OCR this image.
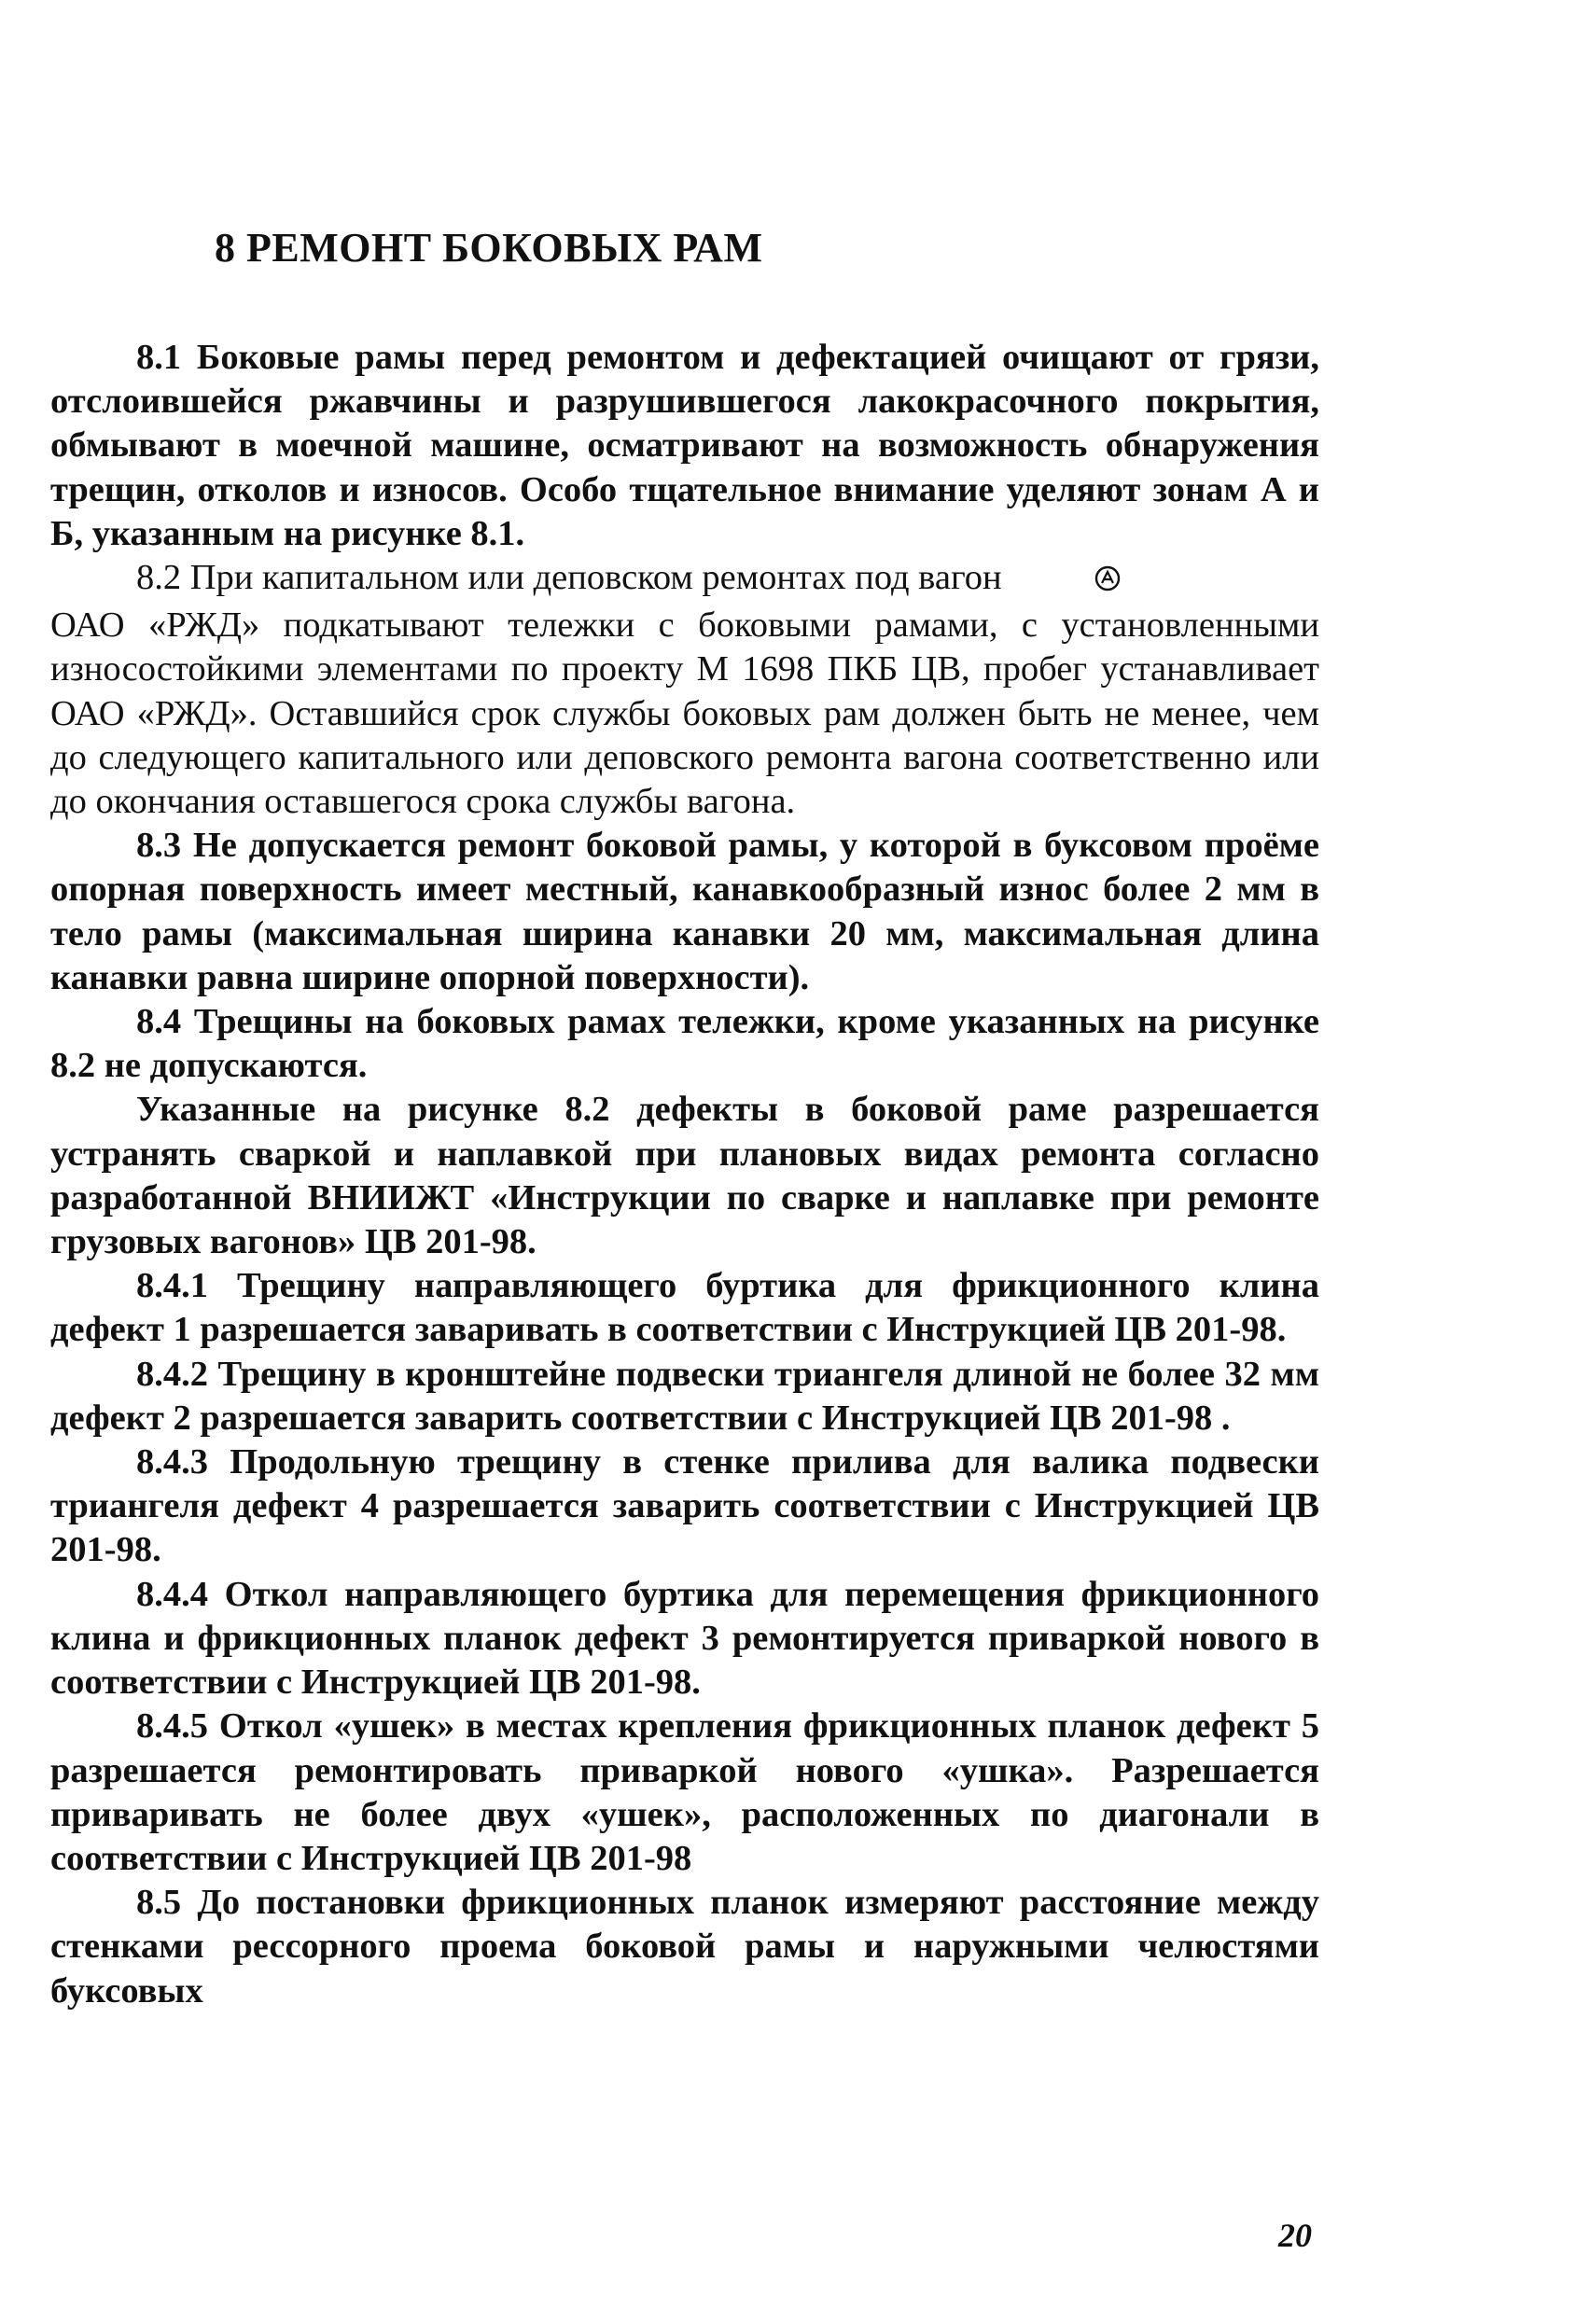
8 РЕМОНТ БОКОВЫХ РАМ

8.1 Боковые рамы перед ремонтом и дефектацией очищают от грязи, отслоившейся ржавчины и разрушившегося лакокрасочного покрытия, обмывают в моечной машине, осматривают на возможность обнаружения трещин, отколов и износов. Особо тщательное внимание уделяют зонам А и Б, указанным на рисунке 8.1.

8.2 При капитальном или деповском ремонтах под вагон

ОАО «РЖД» подкатывают тележки с боковыми рамами, с установленными износостойкими элементами по проекту М 1698 ПКБ ЦВ, пробег устанавливает ОАО «РЖД». Оставшийся срок службы боковых рам должен быть не менее, чем до следующего капитального или деповского ремонта вагона соответственно или до окончания оставшегося срока службы вагона.

8.3 Не допускается ремонт боковой рамы, у которой в буксовом проёме опорная поверхность имеет местный, канавкообразный износ более 2 мм в тело рамы (максимальная ширина канавки 20 мм, максимальная длина канавки равна ширине опорной поверхности).

8.4 Трещины на боковых рамах тележки, кроме указанных на рисунке 8.2 не допускаются.

Указанные на рисунке 8.2 дефекты в боковой раме разрешается устранять сваркой и наплавкой при плановых видах ремонта согласно разработанной ВНИИЖТ «Инструкции по сварке и наплавке при ремонте грузовых вагонов» ЦВ 201-98.

8.4.1 Трещину направляющего буртика для фрикционного клина дефект 1 разрешается заваривать в соответствии с Инструкцией ЦВ 201-98.

8.4.2 Трещину в кронштейне подвески триангеля длиной не более 32 мм дефект 2 разрешается заварить соответствии с Инструкцией ЦВ 201-98 .

8.4.3 Продольную трещину в стенке прилива для валика подвески триангеля дефект 4 разрешается заварить соответствии с Инструкцией ЦВ 201-98.

8.4.4 Откол направляющего буртика для перемещения фрикционного клина и фрикционных планок дефект 3 ремонтируется приваркой нового в соответствии с Инструкцией ЦВ 201-98.

8.4.5 Откол «ушек» в местах крепления фрикционных планок дефект 5 разрешается ремонтировать приваркой нового «ушка». Разрешается приваривать не более двух «ушек», расположенных по диагонали в соответствии с Инструкцией ЦВ 201-98

8.5 До постановки фрикционных планок измеряют расстояние между стенками рессорного проема боковой рамы и наружными челюстями буксовых

20
